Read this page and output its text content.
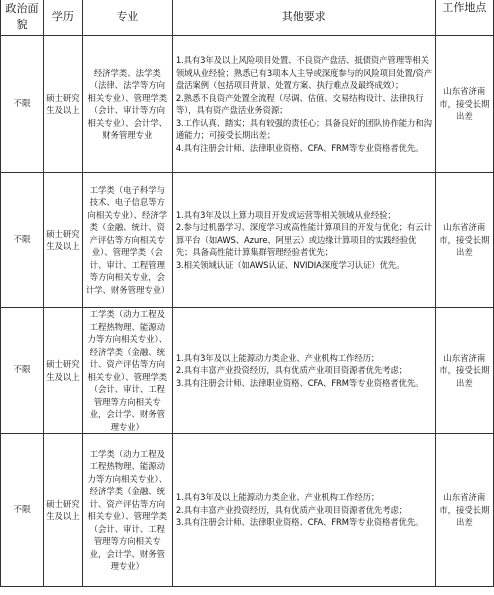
政治面貌	学历	专业	其他要求	工作地点
不限	硕士研究生及以上	经济学类、法学类（法律、法学等方向相关专业）、管理学类（会计、审计等方向相关专业）、会计学、财务管理专业	1.具有3年及以上风险项目处置、不良资产盘活、抵债资产管理等相关领域从业经验；熟悉已有3项本人主导或深度参与的风险项目处置/资产盘活案例（包括项目背景、处置方案、执行难点及最终成效）；
2.熟悉不良资产处置全流程（尽调、估值、交易结构设计、法律执行等），具有资产盘活业务资源；
3.工作认真、踏实；具有较强的责任心；具备良好的团队协作能力和沟通能力；可接受长期出差；
4.具有注册会计师、法律职业资格、CFA、FRM等专业资格者优先。	山东省济南市，接受长期出差
不限	硕士研究生及以上	工学类（电子科学与技术、电子信息等方向相关专业）、经济学类（金融、统计、资产评估等方向相关专业）、管理学类（会计、审计、工程管理等方向相关专业，会计学、财务管理专业）	1.具有3年及以上算力项目开发或运营等相关领域从业经验；
2.参与过机器学习、深度学习或高性能计算项目的开发与优化；有云计算平台（如AWS、Azure、阿里云）或边缘计算项目的实践经验优先；具备高性能计算集群管理经验者优先；
3.相关领域认证（如AWS认证、NVIDIA深度学习认证）优先。	山东省济南市，接受长期出差
不限	硕士研究生及以上	工学类（动力工程及工程热物理、能源动力等方向相关专业）、经济学类（金融、统计、资产评估等方向相关专业）、管理学类（会计、审计、工程管理等方向相关专业，会计学、财务管理专业）	1.具有3年及以上能源动力类企业、产业机构工作经历；
2.具有丰富产业投资经历，具有优质产业项目资源者优先考虑；
3.具有注册会计师、法律职业资格、CFA、FRM等专业资格者优先。	山东省济南市，接受长期出差
不限	硕士研究生及以上	工学类（动力工程及工程热物理、能源动力等方向相关专业）、经济学类（金融、统计、资产评估等方向相关专业）、管理学类（会计、审计、工程管理等方向相关专业，会计学、财务管理专业）	1.具有3年及以上能源动力类企业、产业机构工作经历；
2.具有丰富产业投资经历，具有优质产业项目资源者优先考虑；
3.具有注册会计师、法律职业资格、CFA、FRM等专业资格者优先。	山东省济南市，接受长期出差
